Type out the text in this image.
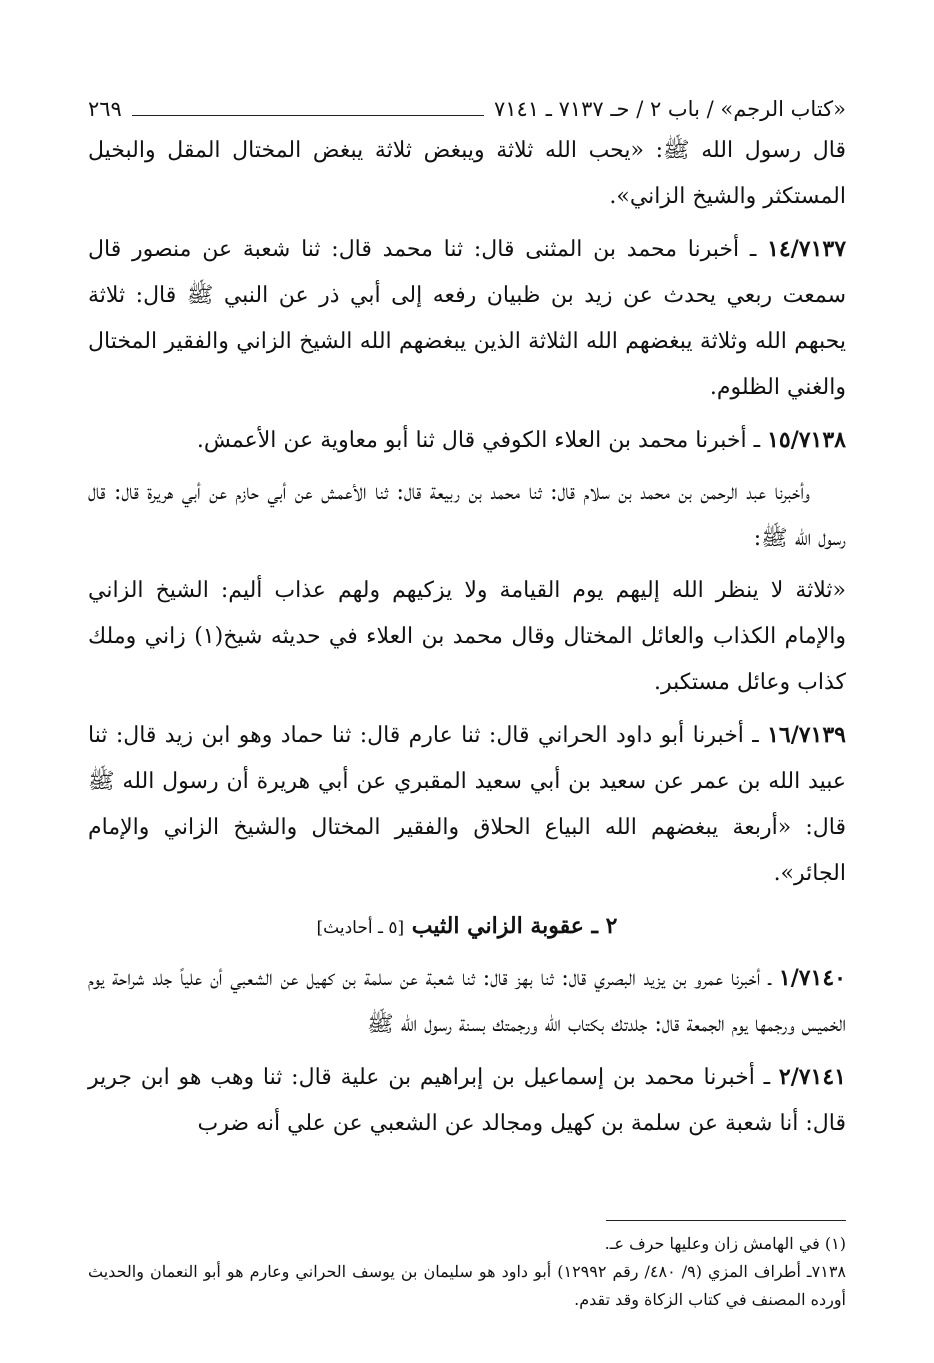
«كتاب الرجم» / باب ٢ / حـ ٧١٣٧ ـ ٧١٤١
٢٦٩

قال رسول الله ﷺ: «يحب الله ثلاثة ويبغض ثلاثة يبغض المختال المقل والبخيل المستكثر والشيخ الزاني».

١٤/٧١٣٧ ـ أخبرنا محمد بن المثنى قال: ثنا محمد قال: ثنا شعبة عن منصور قال سمعت ربعي يحدث عن زيد بن ظبيان رفعه إلى أبي ذر عن النبي ﷺ قال: ثلاثة يحبهم الله وثلاثة يبغضهم الله الثلاثة الذين يبغضهم الله الشيخ الزاني والفقير المختال والغني الظلوم.

١٥/٧١٣٨ ـ أخبرنا محمد بن العلاء الكوفي قال ثنا أبو معاوية عن الأعمش.

وأخبرنا عبد الرحمن بن محمد بن سلام قال: ثنا محمد بن ربيعة قال: ثنا الأعمش عن أبي حازم عن أبي هريرة قال: قال رسول الله ﷺ:

«ثلاثة لا ينظر الله إليهم يوم القيامة ولا يزكيهم ولهم عذاب أليم: الشيخ الزاني والإمام الكذاب والعائل المختال وقال محمد بن العلاء في حديثه شيخ(١) زاني وملك كذاب وعائل مستكبر.

١٦/٧١٣٩ ـ أخبرنا أبو داود الحراني قال: ثنا عارم قال: ثنا حماد وهو ابن زيد قال: ثنا عبيد الله بن عمر عن سعيد بن أبي سعيد المقبري عن أبي هريرة أن رسول الله ﷺ قال: «أربعة يبغضهم الله البياع الحلاق والفقير المختال والشيخ الزاني والإمام الجائر».

٢ ـ عقوبة الزاني الثيب [٥ ـ أحاديث]

١/٧١٤٠ ـ أخبرنا عمرو بن يزيد البصري قال: ثنا بهز قال: ثنا شعبة عن سلمة بن كهيل عن الشعبي أن علياً جلد شراحة يوم الخميس ورجمها يوم الجمعة قال: جلدتك بكتاب الله ورجمتك بسنة رسول الله ﷺ

٢/٧١٤١ ـ أخبرنا محمد بن إسماعيل بن إبراهيم بن علية قال: ثنا وهب هو ابن جرير قال: أنا شعبة عن سلمة بن كهيل ومجالد عن الشعبي عن علي أنه ضرب

(١) في الهامش زان وعليها حرف عـ.

٧١٣٨ـ أطراف المزي (٩/ ٤٨٠/ رقم ١٢٩٩٢) أبو داود هو سليمان بن يوسف الحراني وعارم هو أبو النعمان والحديث أورده المصنف في كتاب الزكاة وقد تقدم.
